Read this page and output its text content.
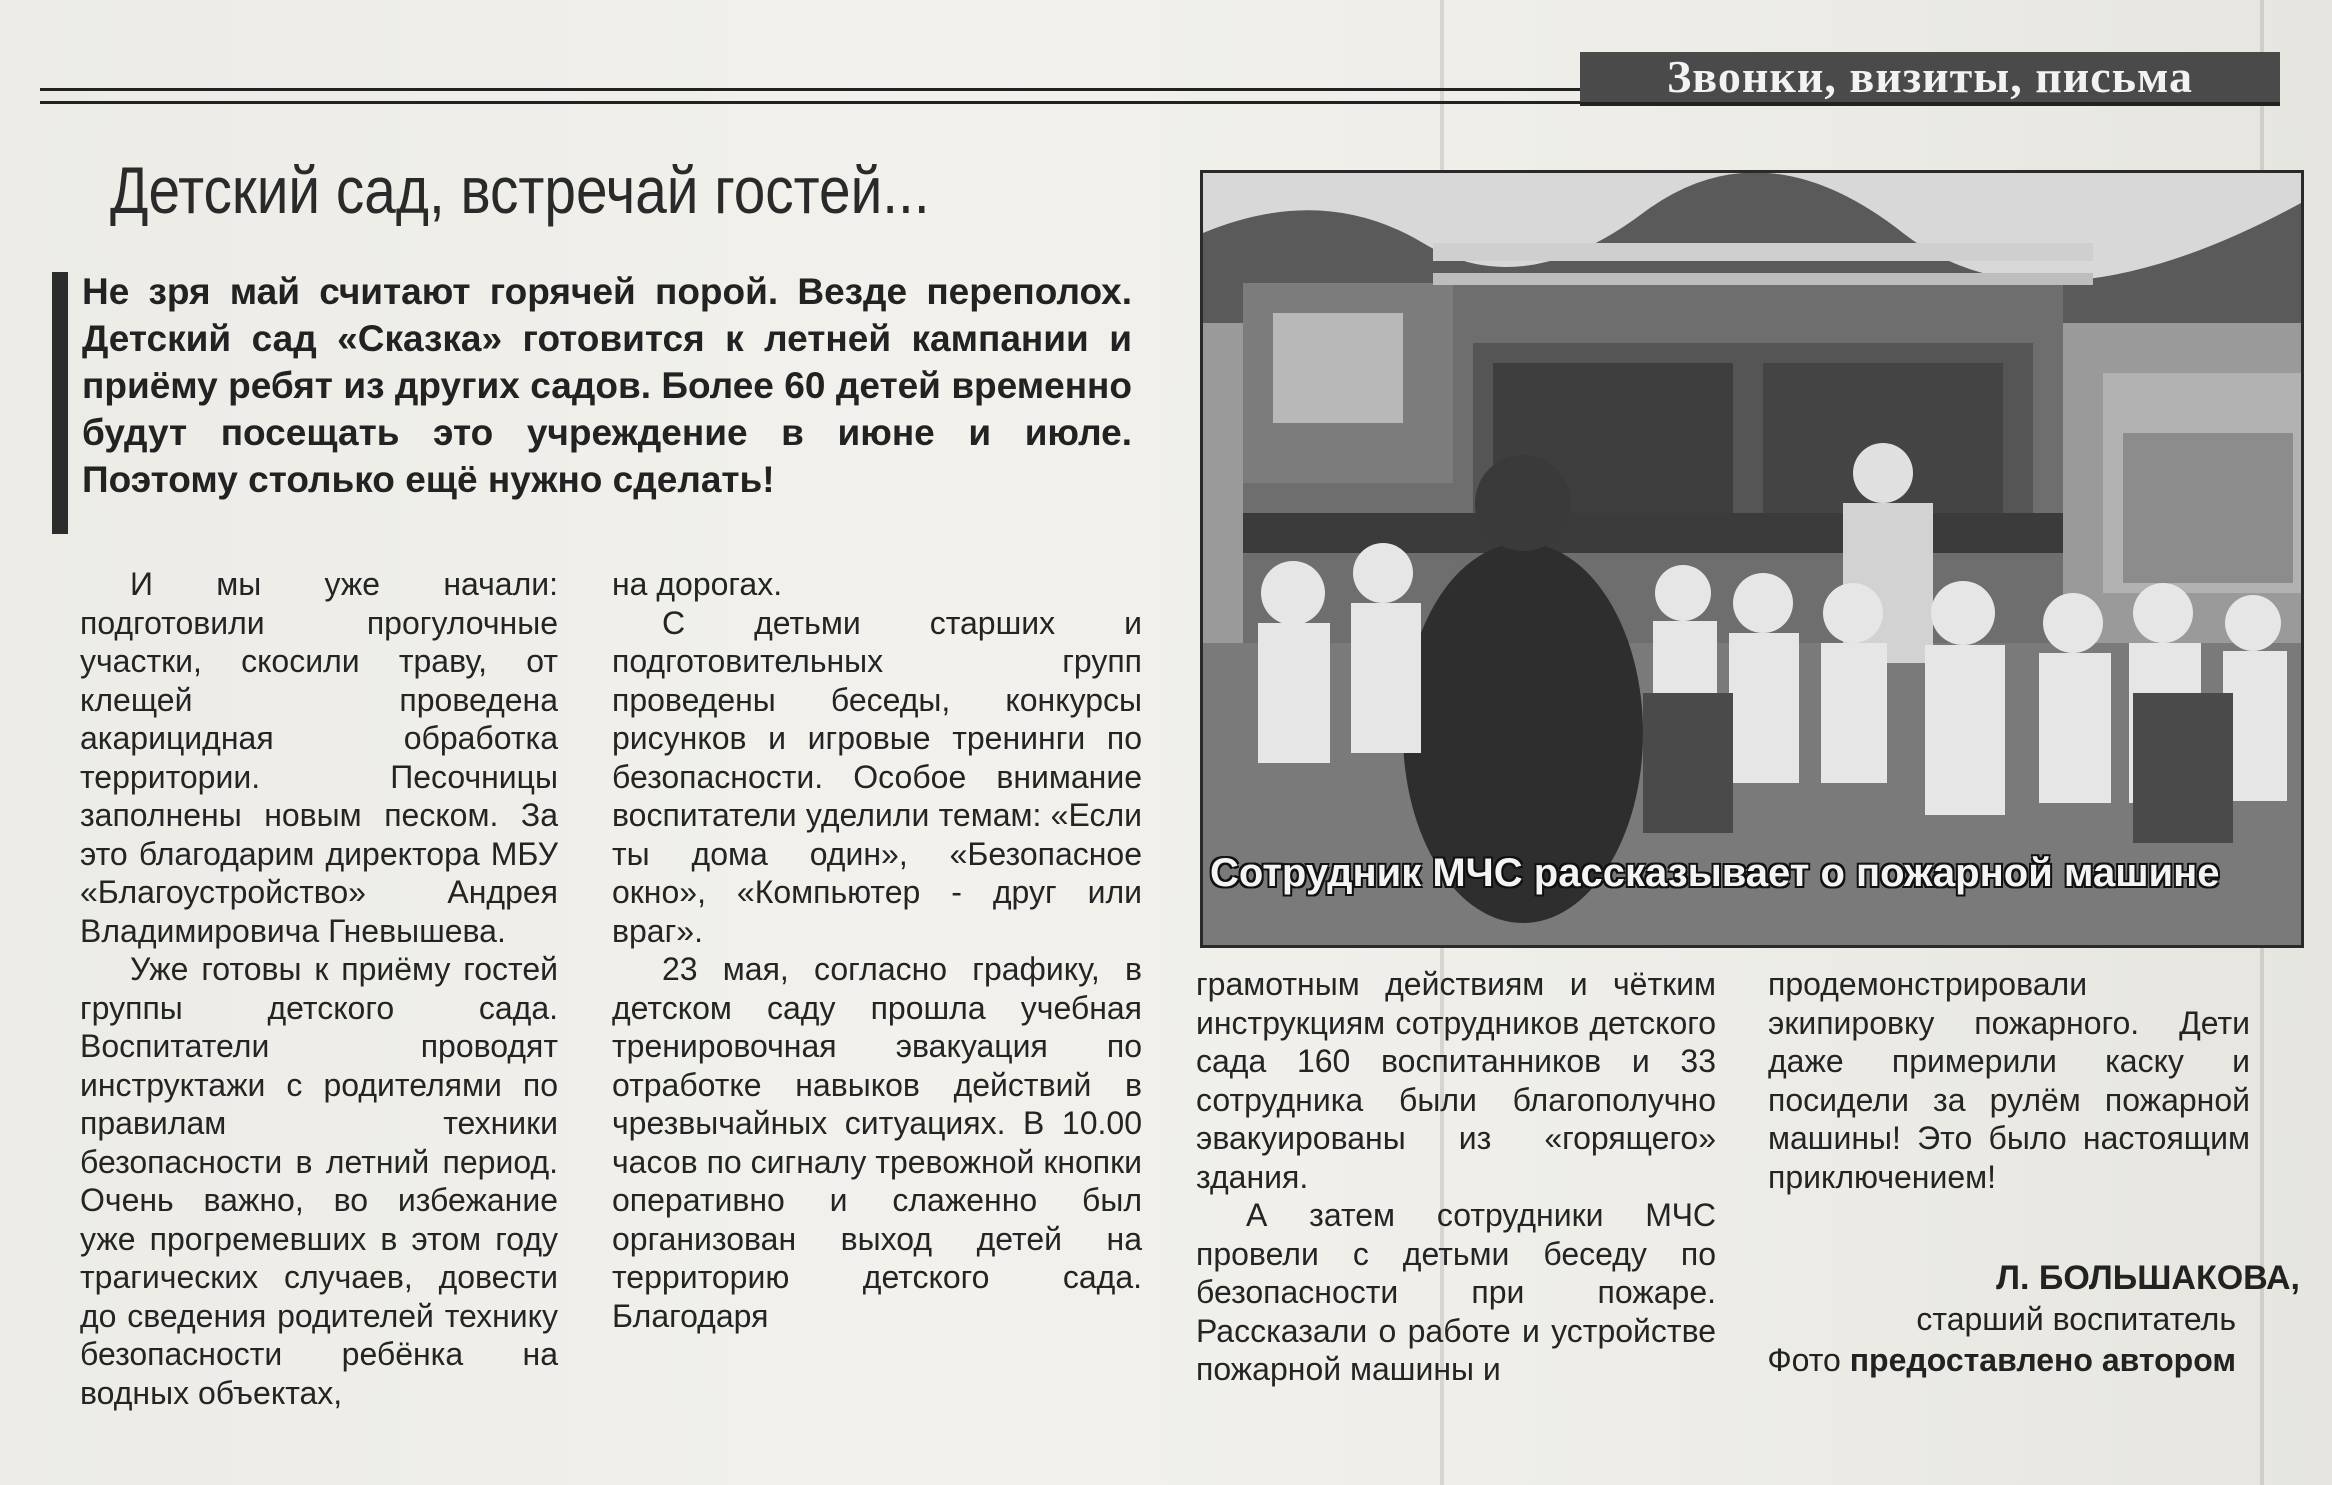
Звонки, визиты, письма
Детский сад, встречай гостей...

Не зря май считают горячей порой. Везде переполох. Детский сад «Сказка» готовится к летней кампании и приёму ребят из других садов. Более 60 детей временно будут посещать это учреждение в июне и июле. Поэтому столько ещё нужно сделать!

И мы уже начали: подготовили прогулочные участки, скосили траву, от клещей проведена акарицидная обработка территории. Песочницы заполнены новым песком. За это благодарим директора МБУ «Благоустройство» Андрея Владимировича Гневышева.

Уже готовы к приёму гостей группы детского сада. Воспитатели проводят инструктажи с родителями по правилам техники безопасности в летний период. Очень важно, во избежание уже прогремевших в этом году трагических случаев, довести до сведения родителей технику безопасности ребёнка на водных объектах,

на дорогах.

С детьми старших и подготовительных групп проведены беседы, конкурсы рисунков и игровые тренинги по безопасности. Особое внимание воспитатели уделили темам: «Если ты дома один», «Безопасное окно», «Компьютер - друг или враг».

23 мая, согласно графику, в детском саду прошла учебная тренировочная эвакуация по отработке навыков действий в чрезвычайных ситуациях. В 10.00 часов по сигналу тревожной кнопки оперативно и слаженно был организован выход детей на территорию детского сада. Благодаря

Сотрудник МЧС рассказывает о пожарной машине

грамотным действиям и чётким инструкциям сотрудников детского сада 160 воспитанников и 33 сотрудника были благополучно эвакуированы из «горящего» здания.

А затем сотрудники МЧС провели с детьми беседу по безопасности при пожаре. Рассказали о работе и устройстве пожарной машины и

продемонстрировали экипировку пожарного. Дети даже примерили каску и посидели за рулём пожарной машины! Это было настоящим приключением!

Л. БОЛЬШАКОВА,
старший воспитатель
Фото предоставлено автором
